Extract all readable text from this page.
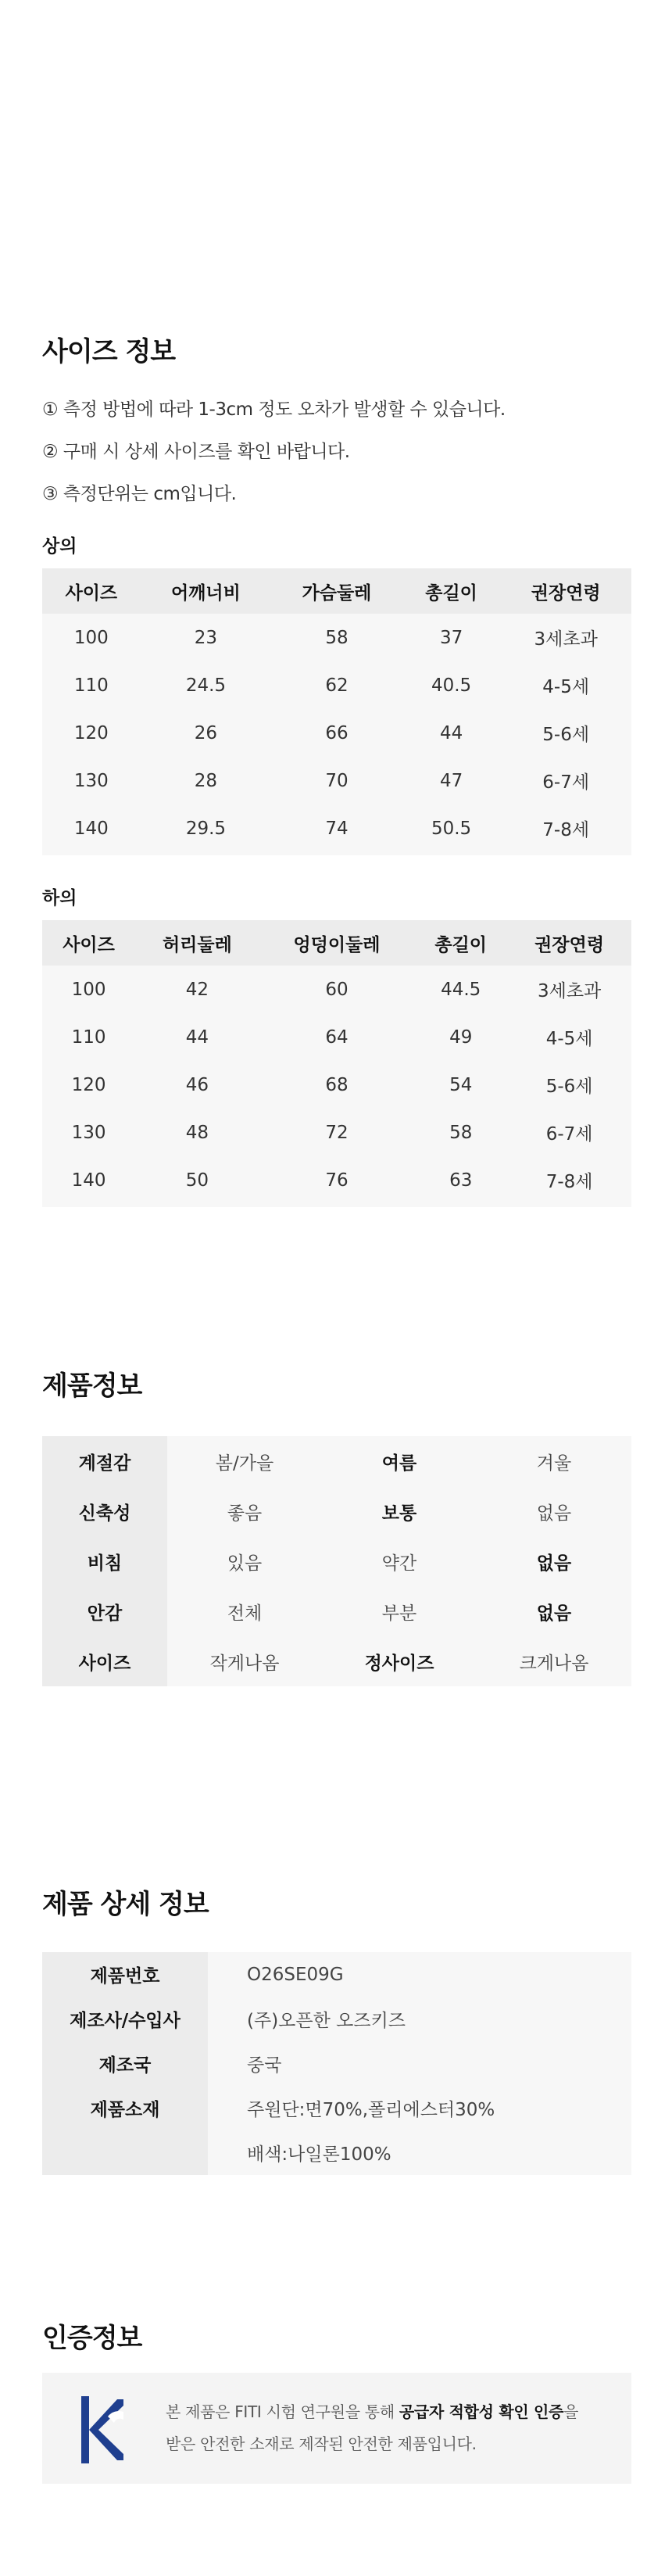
사이즈 정보
① 측정 방법에 따라 1-3cm 정도 오차가 발생할 수 있습니다.
② 구매 시 상세 사이즈를 확인 바랍니다.
③ 측정단위는 cm입니다.
상의
사이즈	어깨너비	가슴둘레	총길이	권장연령
100	23	58	37	3세초과
110	24.5	62	40.5	4-5세
120	26	66	44	5-6세
130	28	70	47	6-7세
140	29.5	74	50.5	7-8세
하의
사이즈	허리둘레	엉덩이둘레	총길이	권장연령
100	42	60	44.5	3세초과
110	44	64	49	4-5세
120	46	68	54	5-6세
130	48	72	58	6-7세
140	50	76	63	7-8세
제품정보
계절감	봄/가을	여름	겨울
신축성	좋음	보통	없음
비침	있음	약간	없음
안감	전체	부분	없음
사이즈	작게나옴	정사이즈	크게나옴
제품 상세 정보
제품번호	O26SE09G
제조사/수입사	(주)오픈한 오즈키즈
제조국	중국
제품소재	주원단:면70%,폴리에스터30%
	배색:나일론100%
인증정보
본 제품은 FITI 시험 연구원을 통해 공급자 적합성 확인 인증을
받은 안전한 소재로 제작된 안전한 제품입니다.
